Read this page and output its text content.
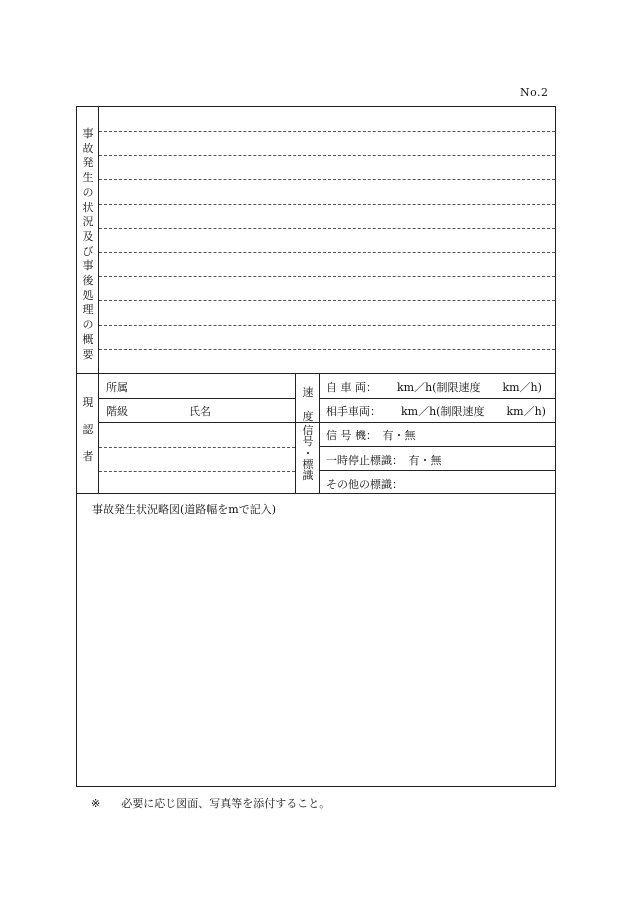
No.2
事
故
発
生
の
状
況
及
び
事
後
処
理
の
概
要
現
認
者
所属
階級	氏名
速
度
自 車 両：　　 km／h(制限速度　　km／h)
相手車両：　　 km／h(制限速度　　km／h)
信
号
・
標
識
信 号 機：　有・無
一時停止標識：　有・無
その他の標識：
事故発生状況略図(道路幅をmで記入)
※ 必要に応じ図面、写真等を添付すること。
